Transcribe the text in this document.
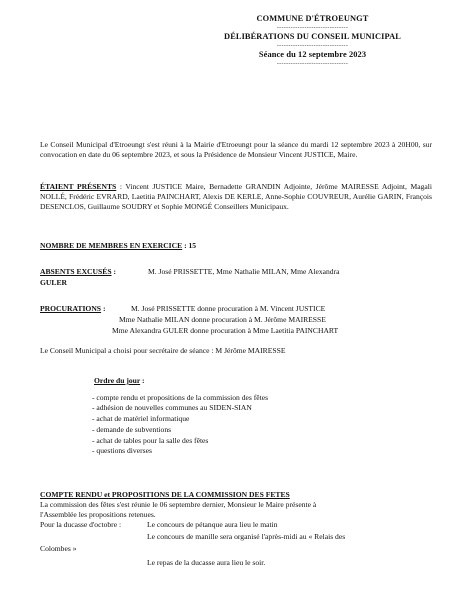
COMMUNE D'ÉTROEUNGT
-------------------------------
DÉLIBÉRATIONS DU CONSEIL MUNICIPAL
-------------------------------
Séance du 12 septembre 2023
-------------------------------
Le Conseil Municipal d'Etroeungt s'est réuni à la Mairie d'Etroeungt pour la séance du mardi 12 septembre 2023 à 20H00, sur convocation en date du 06 septembre 2023, et sous la Présidence de Monsieur Vincent JUSTICE, Maire.
ÉTAIENT PRÉSENTS : Vincent JUSTICE Maire, Bernadette GRANDIN Adjointe, Jérôme MAIRESSE Adjoint, Magali NOLLÉ, Frédéric EVRARD, Laetitia PAINCHART, Alexis DE KERLE, Anne-Sophie COUVREUR, Aurélie GARIN, François DESENCLOS, Guillaume SOUDRY et Sophie MONGÉ Conseillers Municipaux.
NOMBRE DE MEMBRES EN EXERCICE : 15
ABSENTS EXCUSÉS :	M. José PRISSETTE, Mme Nathalie MILAN, Mme Alexandra
GULER
PROCURATIONS :	M. José PRISSETTE donne procuration à M. Vincent JUSTICE
Mme Nathalie MILAN donne procuration à M. Jérôme MAIRESSE
Mme Alexandra GULER donne procuration à Mme Laetitia PAINCHART
Le Conseil Municipal a choisi pour secrétaire de séance : M Jérôme MAIRESSE
Ordre du jour :
- compte rendu et propositions de la commission des fêtes
- adhésion de nouvelles communes au SIDEN-SIAN
- achat de matériel informatique
- demande de subventions
- achat de tables pour la salle des fêtes
- questions diverses
COMPTE RENDU et PROPOSITIONS DE LA COMMISSION DES FETES
La commission des fêtes s'est réunie le 06 septembre dernier, Monsieur le Maire présente à
l'Assemblée les propositions retenues.
Pour la ducasse d'octobre :	Le concours de pétanque aura lieu le matin
Le concours de manille sera organisé l'après-midi au « Relais des
Colombes »
Le repas de la ducasse aura lieu le soir.
